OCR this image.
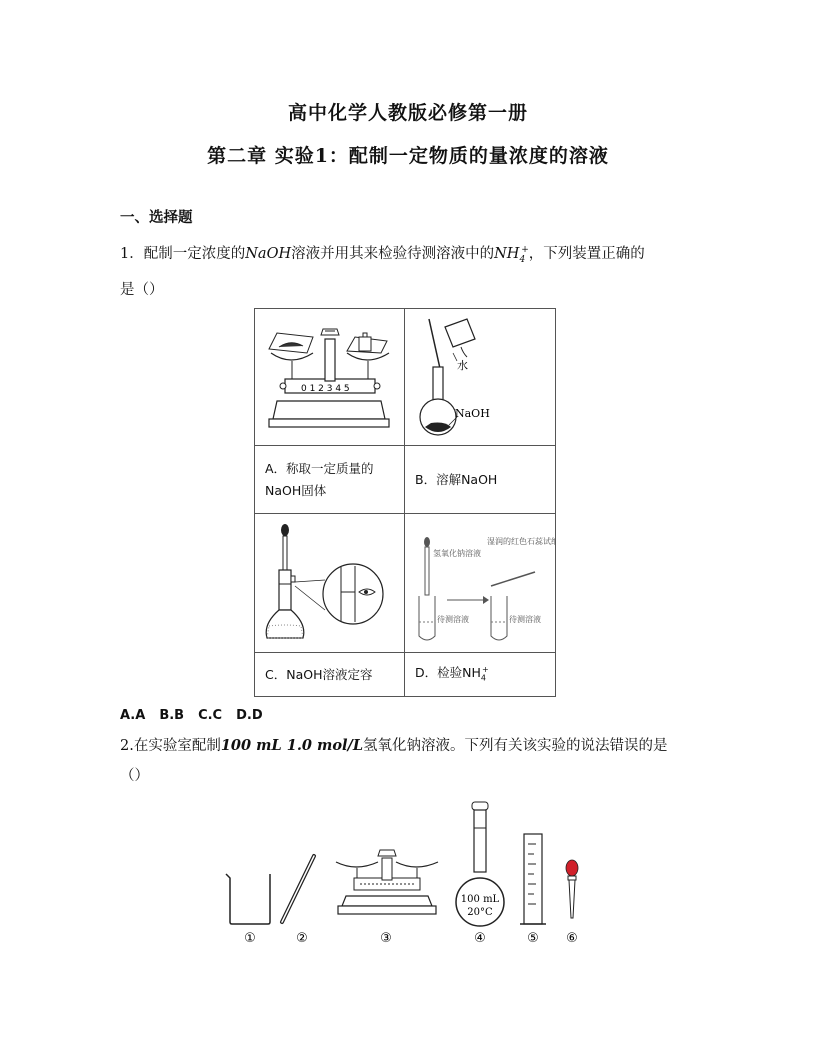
高中化学人教版必修第一册
第二章 实验1：配制一定物质的量浓度的溶液
一、选择题
1．配制一定浓度的NaOH溶液并用其来检验待测溶液中的$NH_4^+$，下列装置正确的
是（）
0 1 2 3 4 5	水
NaOH

A．称取一定质量的
NaOH固体	B．溶解NaOH

氢氧化钠溶液
待测溶液
湿润的红色石蕊试纸
待测溶液

C．NaOH溶液定容	D．检验$NH_4^+$
A.A B.B C.C D.D
2.在实验室配制100 mL 1.0 mol/L氢氧化钠溶液。下列有关该实验的说法错误的是
（）
100 mL
20°C
①	②	③	④	⑤ ⑥
